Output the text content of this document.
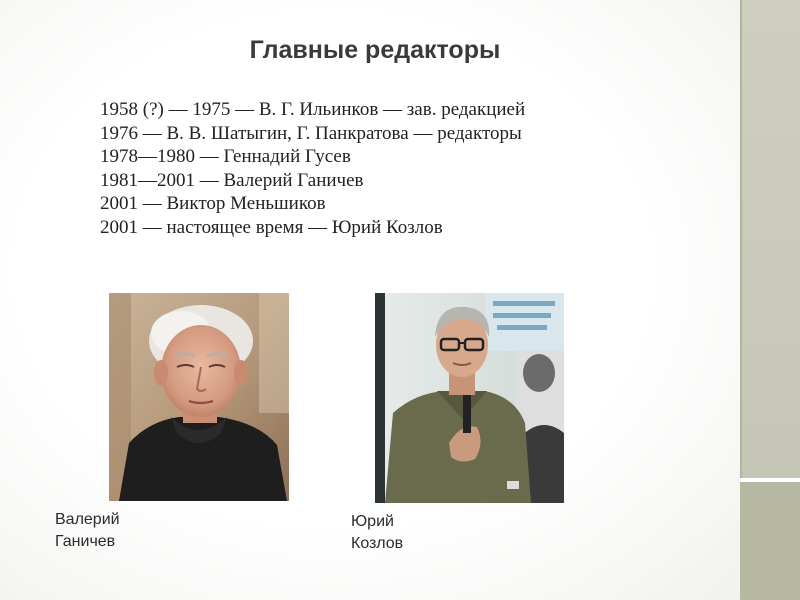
Главные редакторы
1958 (?) — 1975 — В. Г. Ильинков — зав. редакцией
1976 — В. В. Шатыгин, Г. Панкратова — редакторы
1978—1980 — Геннадий Гусев
1981—2001 — Валерий Ганичев
2001 — Виктор Меньшиков
2001 — настоящее время — Юрий Козлов
Валерий
Ганичев
Юрий
Козлов
